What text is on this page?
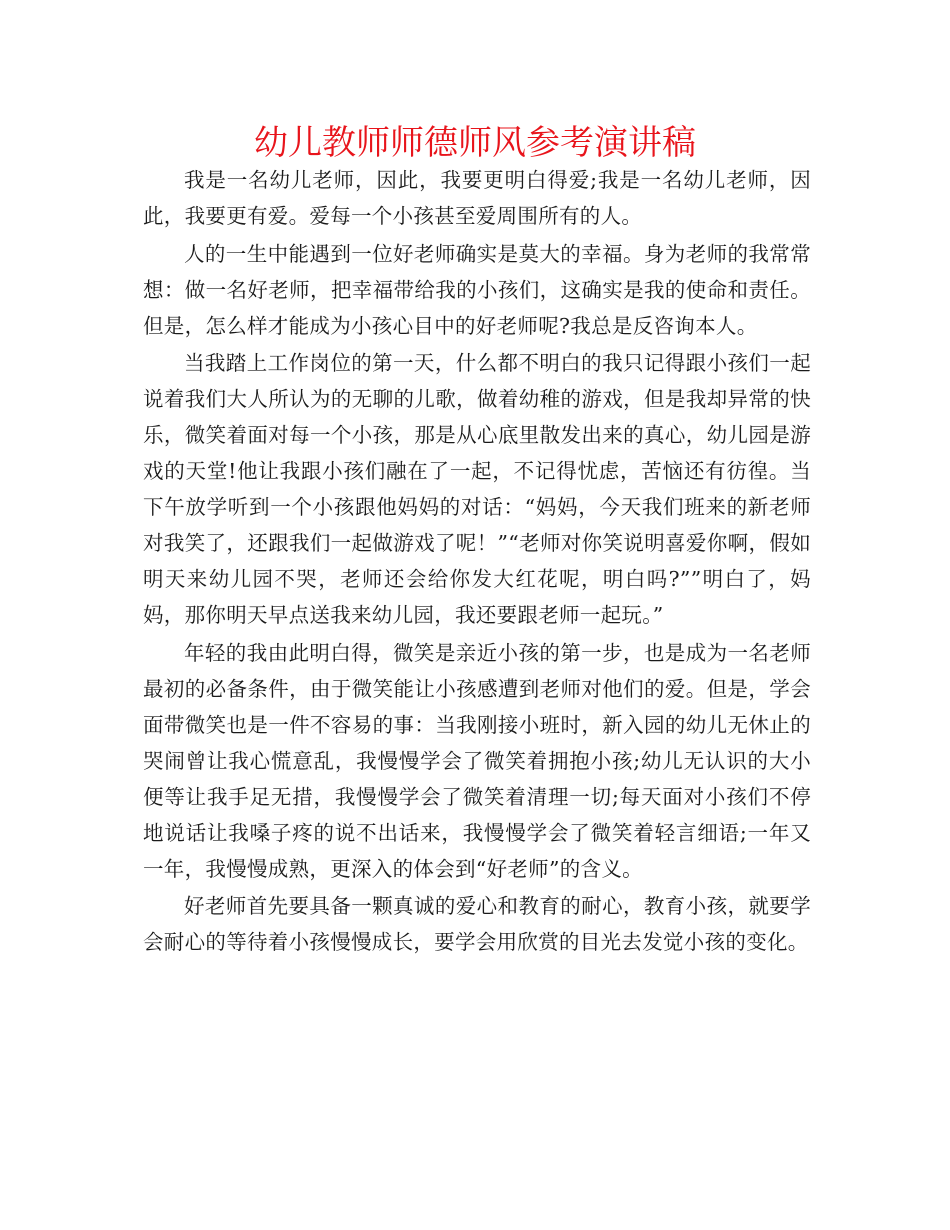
幼儿教师师德师风参考演讲稿

我是一名幼儿老师，因此，我要更明白得爱;我是一名幼儿老师，因此，我要更有爱。爱每一个小孩甚至爱周围所有的人。

人的一生中能遇到一位好老师确实是莫大的幸福。身为老师的我常常想：做一名好老师，把幸福带给我的小孩们，这确实是我的使命和责任。但是，怎么样才能成为小孩心目中的好老师呢?我总是反咨询本人。

当我踏上工作岗位的第一天，什么都不明白的我只记得跟小孩们一起说着我们大人所认为的无聊的儿歌，做着幼稚的游戏，但是我却异常的快乐，微笑着面对每一个小孩，那是从心底里散发出来的真心，幼儿园是游戏的天堂!他让我跟小孩们融在了一起，不记得忧虑，苦恼还有彷徨。当下午放学听到一个小孩跟他妈妈的对话：“妈妈，今天我们班来的新老师对我笑了，还跟我们一起做游戏了呢！”“老师对你笑说明喜爱你啊，假如明天来幼儿园不哭，老师还会给你发大红花呢，明白吗?””明白了，妈妈，那你明天早点送我来幼儿园，我还要跟老师一起玩。”

年轻的我由此明白得，微笑是亲近小孩的第一步，也是成为一名老师最初的必备条件，由于微笑能让小孩感遭到老师对他们的爱。但是，学会面带微笑也是一件不容易的事：当我刚接小班时，新入园的幼儿无休止的哭闹曾让我心慌意乱，我慢慢学会了微笑着拥抱小孩;幼儿无认识的大小便等让我手足无措，我慢慢学会了微笑着清理一切;每天面对小孩们不停地说话让我嗓子疼的说不出话来，我慢慢学会了微笑着轻言细语;一年又一年，我慢慢成熟，更深入的体会到“好老师”的含义。

好老师首先要具备一颗真诚的爱心和教育的耐心，教育小孩，就要学会耐心的等待着小孩慢慢成长，要学会用欣赏的目光去发觉小孩的变化。
